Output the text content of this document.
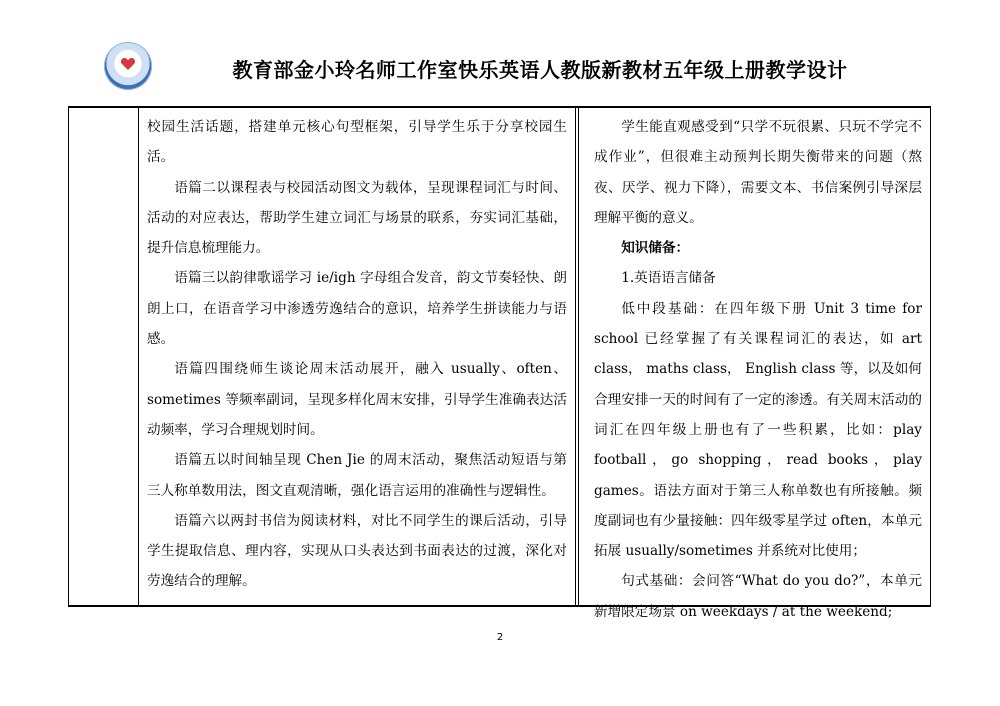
教育部金小玲名师工作室快乐英语人教版新教材五年级上册教学设计

校园生活话题，搭建单元核心句型框架，引导学生乐于分享校园生活。

语篇二以课程表与校园活动图文为载体，呈现课程词汇与时间、活动的对应表达，帮助学生建立词汇与场景的联系，夯实词汇基础，提升信息梳理能力。

语篇三以韵律歌谣学习 ie/igh 字母组合发音，韵文节奏轻快、朗朗上口，在语音学习中渗透劳逸结合的意识，培养学生拼读能力与语感。

语篇四围绕师生谈论周末活动展开，融入 usually、often、sometimes 等频率副词，呈现多样化周末安排，引导学生准确表达活动频率，学习合理规划时间。

语篇五以时间轴呈现 Chen Jie 的周末活动，聚焦活动短语与第三人称单数用法，图文直观清晰，强化语言运用的准确性与逻辑性。

语篇六以两封书信为阅读材料，对比不同学生的课后活动，引导学生提取信息、理内容，实现从口头表达到书面表达的过渡，深化对劳逸结合的理解。

学生能直观感受到“只学不玩很累、只玩不学完不成作业”，但很难主动预判长期失衡带来的问题（熬夜、厌学、视力下降），需要文本、书信案例引导深层理解平衡的意义。

知识储备：

1.英语语言储备

低中段基础：在四年级下册 Unit 3 time for school 已经掌握了有关课程词汇的表达，如 art class， maths class， English class 等，以及如何合理安排一天的时间有了一定的渗透。有关周末活动的词汇在四年级上册也有了一些积累，比如：play football，go shopping，read books，play games。语法方面对于第三人称单数也有所接触。频度副词也有少量接触：四年级零星学过 often，本单元拓展 usually/sometimes 并系统对比使用；

句式基础：会问答“What do you do?”，本单元新增限定场景 on weekdays / at the weekend;

2
